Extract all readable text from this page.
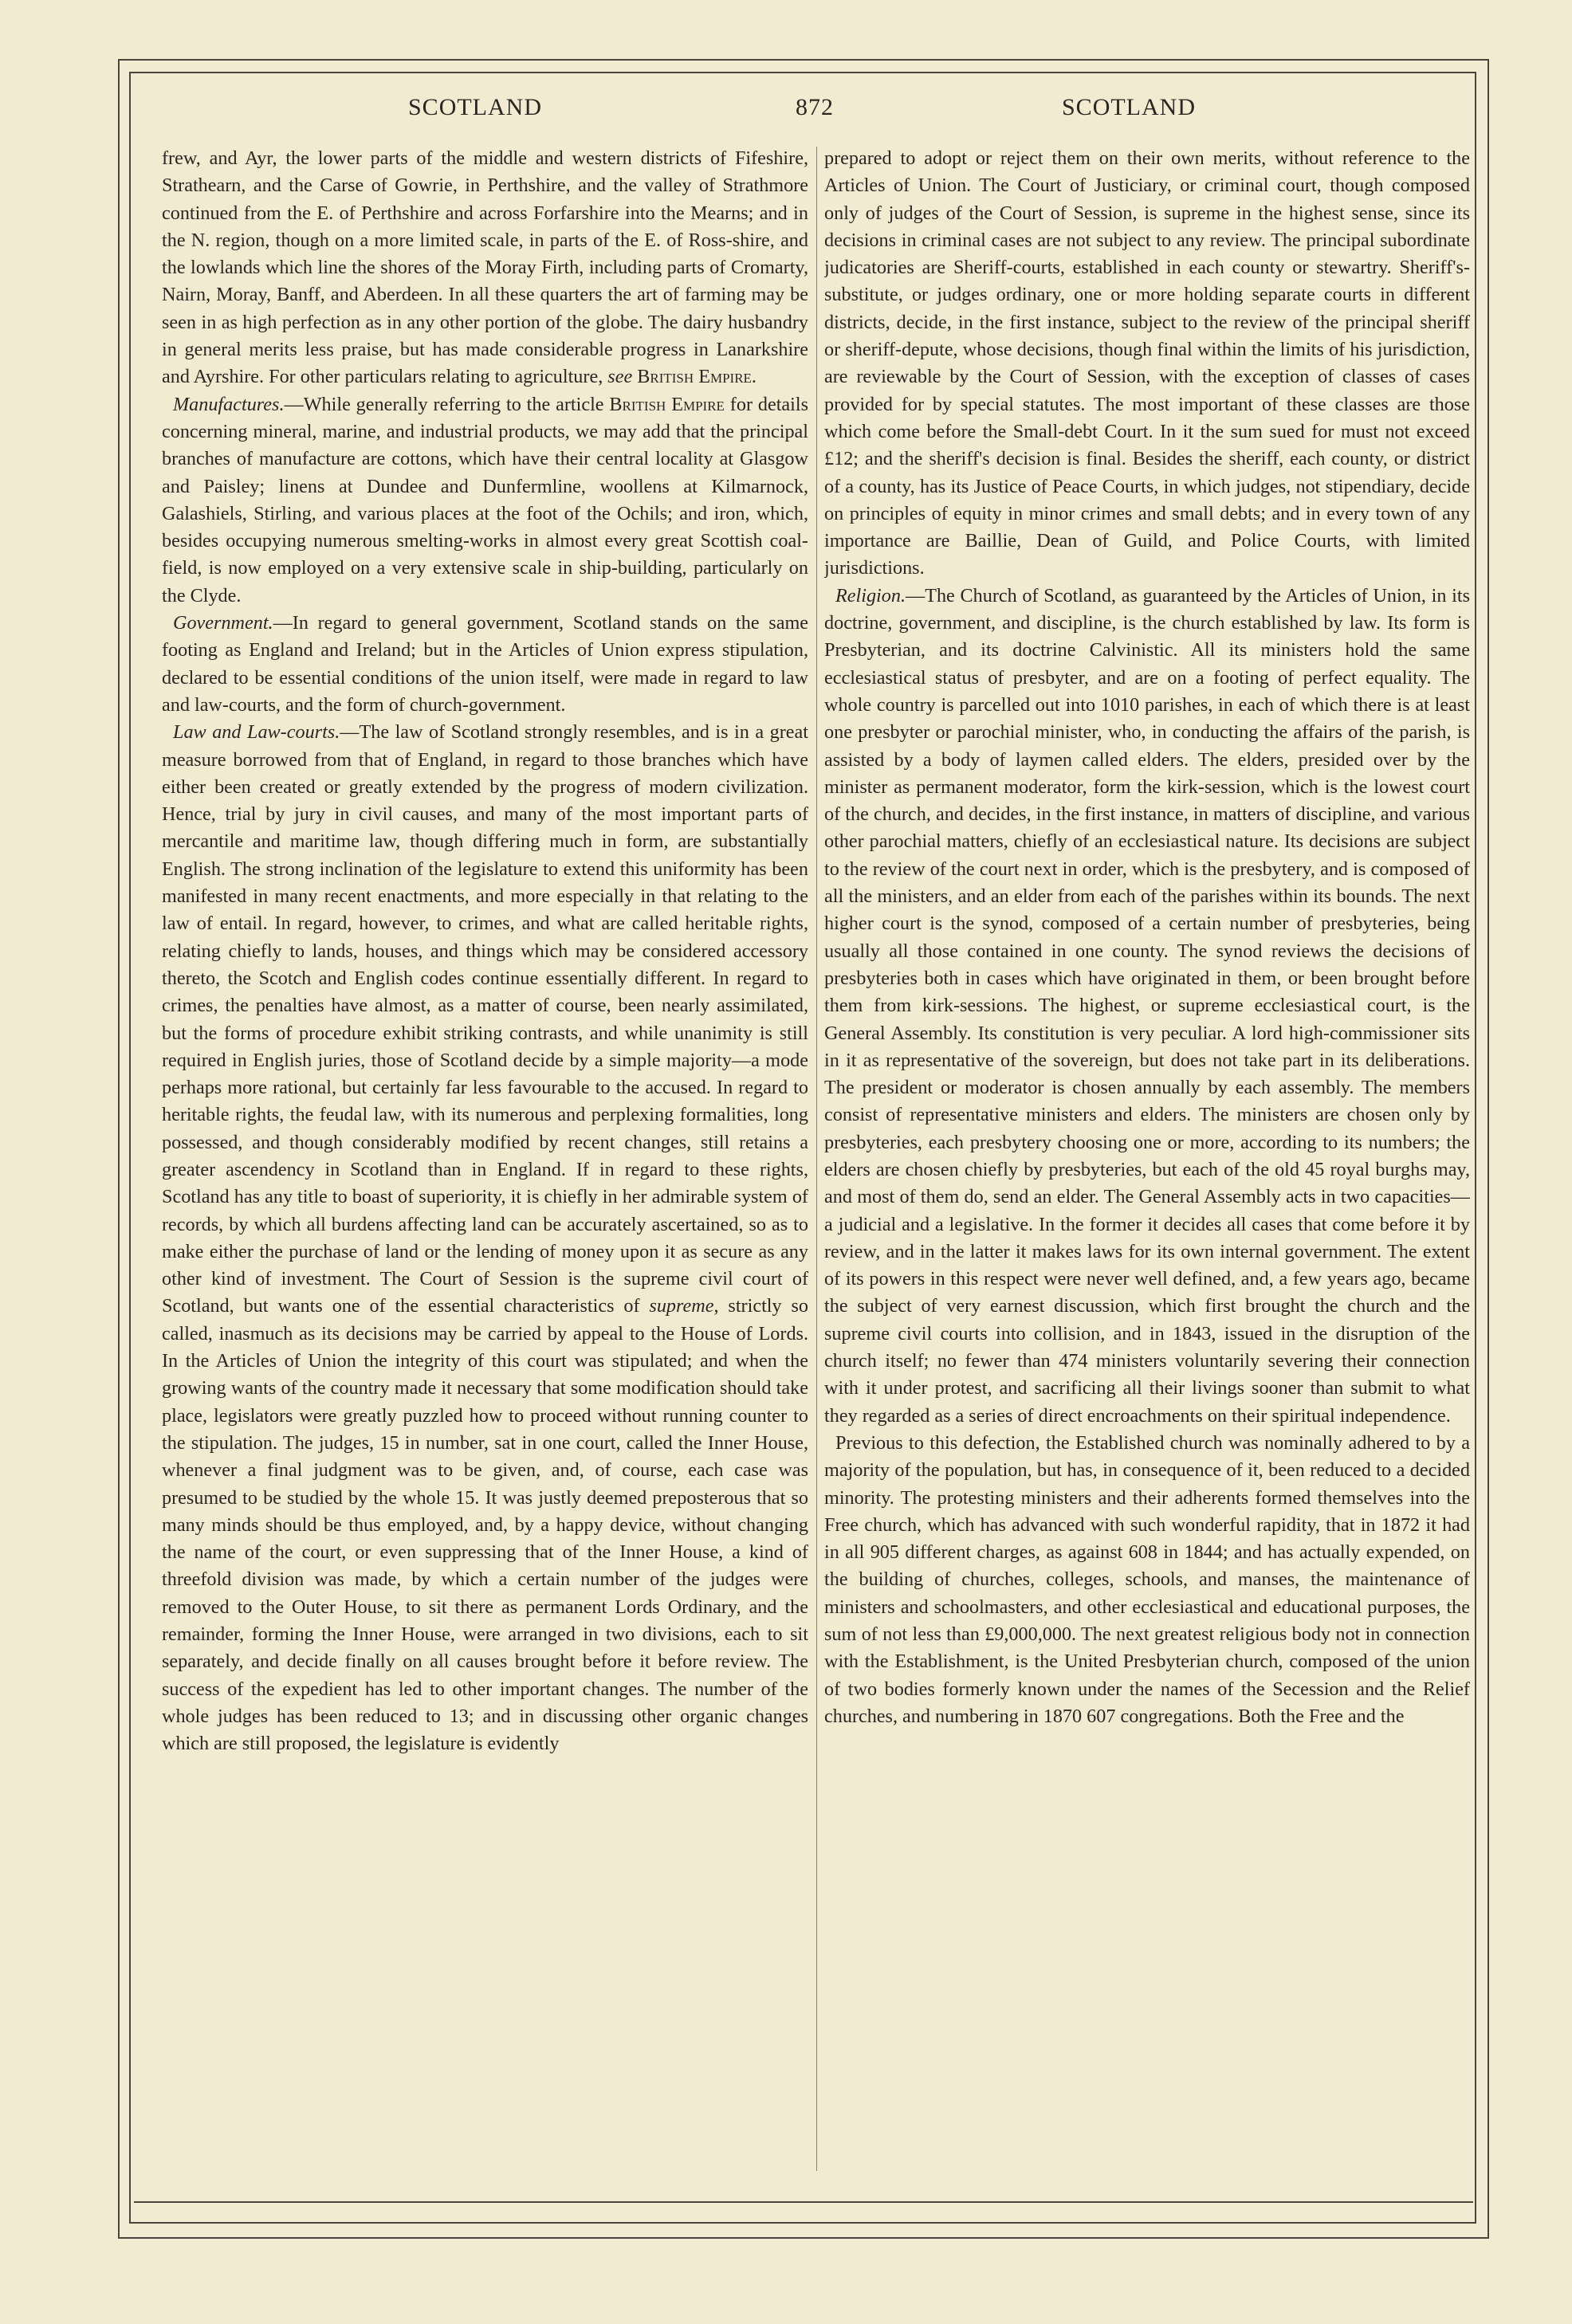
SCOTLAND	872	SCOTLAND

frew, and Ayr, the lower parts of the middle and western districts of Fifeshire, Strathearn, and the Carse of Gowrie, in Perthshire, and the valley of Strathmore continued from the E. of Perthshire and across Forfarshire into the Mearns; and in the N. region, though on a more limited scale, in parts of the E. of Ross-shire, and the lowlands which line the shores of the Moray Firth, including parts of Cromarty, Nairn, Moray, Banff, and Aberdeen. In all these quarters the art of farming may be seen in as high perfection as in any other portion of the globe. The dairy husbandry in general merits less praise, but has made considerable progress in Lanarkshire and Ayrshire. For other particulars relating to agriculture, see British Empire.

Manufactures.—While generally referring to the article British Empire for details concerning mineral, marine, and industrial products, we may add that the principal branches of manufacture are cottons, which have their central locality at Glasgow and Paisley; linens at Dundee and Dunfermline, woollens at Kilmarnock, Galashiels, Stirling, and various places at the foot of the Ochils; and iron, which, besides occupying numerous smelting-works in almost every great Scottish coal-field, is now employed on a very extensive scale in ship-building, particularly on the Clyde.

Government.—In regard to general government, Scotland stands on the same footing as England and Ireland; but in the Articles of Union express stipulation, declared to be essential conditions of the union itself, were made in regard to law and law-courts, and the form of church-government.

Law and Law-courts.—The law of Scotland strongly resembles, and is in a great measure borrowed from that of England, in regard to those branches which have either been created or greatly extended by the progress of modern civilization. Hence, trial by jury in civil causes, and many of the most important parts of mercantile and maritime law, though differing much in form, are substantially English. The strong inclination of the legislature to extend this uniformity has been manifested in many recent enactments, and more especially in that relating to the law of entail. In regard, however, to crimes, and what are called heritable rights, relating chiefly to lands, houses, and things which may be considered accessory thereto, the Scotch and English codes continue essentially different. In regard to crimes, the penalties have almost, as a matter of course, been nearly assimilated, but the forms of procedure exhibit striking contrasts, and while unanimity is still required in English juries, those of Scotland decide by a simple majority—a mode perhaps more rational, but certainly far less favourable to the accused. In regard to heritable rights, the feudal law, with its numerous and perplexing formalities, long possessed, and though considerably modified by recent changes, still retains a greater ascendency in Scotland than in England. If in regard to these rights, Scotland has any title to boast of superiority, it is chiefly in her admirable system of records, by which all burdens affecting land can be accurately ascertained, so as to make either the purchase of land or the lending of money upon it as secure as any other kind of investment. The Court of Session is the supreme civil court of Scotland, but wants one of the essential characteristics of supreme, strictly so called, inasmuch as its decisions may be carried by appeal to the House of Lords. In the Articles of Union the integrity of this court was stipulated; and when the growing wants of the country made it necessary that some modification should take place, legislators were greatly puzzled how to proceed without running counter to the stipulation. The judges, 15 in number, sat in one court, called the Inner House, whenever a final judgment was to be given, and, of course, each case was presumed to be studied by the whole 15. It was justly deemed preposterous that so many minds should be thus employed, and, by a happy device, without changing the name of the court, or even suppressing that of the Inner House, a kind of threefold division was made, by which a certain number of the judges were removed to the Outer House, to sit there as permanent Lords Ordinary, and the remainder, forming the Inner House, were arranged in two divisions, each to sit separately, and decide finally on all causes brought before it before review. The success of the expedient has led to other important changes. The number of the whole judges has been reduced to 13; and in discussing other organic changes which are still proposed, the legislature is evidently

prepared to adopt or reject them on their own merits, without reference to the Articles of Union. The Court of Justiciary, or criminal court, though composed only of judges of the Court of Session, is supreme in the highest sense, since its decisions in criminal cases are not subject to any review. The principal subordinate judicatories are Sheriff-courts, established in each county or stewartry. Sheriff's-substitute, or judges ordinary, one or more holding separate courts in different districts, decide, in the first instance, subject to the review of the principal sheriff or sheriff-depute, whose decisions, though final within the limits of his jurisdiction, are reviewable by the Court of Session, with the exception of classes of cases provided for by special statutes. The most important of these classes are those which come before the Small-debt Court. In it the sum sued for must not exceed £12; and the sheriff's decision is final. Besides the sheriff, each county, or district of a county, has its Justice of Peace Courts, in which judges, not stipendiary, decide on principles of equity in minor crimes and small debts; and in every town of any importance are Baillie, Dean of Guild, and Police Courts, with limited jurisdictions.

Religion.—The Church of Scotland, as guaranteed by the Articles of Union, in its doctrine, government, and discipline, is the church established by law. Its form is Presbyterian, and its doctrine Calvinistic. All its ministers hold the same ecclesiastical status of presbyter, and are on a footing of perfect equality. The whole country is parcelled out into 1010 parishes, in each of which there is at least one presbyter or parochial minister, who, in conducting the affairs of the parish, is assisted by a body of laymen called elders. The elders, presided over by the minister as permanent moderator, form the kirk-session, which is the lowest court of the church, and decides, in the first instance, in matters of discipline, and various other parochial matters, chiefly of an ecclesiastical nature. Its decisions are subject to the review of the court next in order, which is the presbytery, and is composed of all the ministers, and an elder from each of the parishes within its bounds. The next higher court is the synod, composed of a certain number of presbyteries, being usually all those contained in one county. The synod reviews the decisions of presbyteries both in cases which have originated in them, or been brought before them from kirk-sessions. The highest, or supreme ecclesiastical court, is the General Assembly. Its constitution is very peculiar. A lord high-commissioner sits in it as representative of the sovereign, but does not take part in its deliberations. The president or moderator is chosen annually by each assembly. The members consist of representative ministers and elders. The ministers are chosen only by presbyteries, each presbytery choosing one or more, according to its numbers; the elders are chosen chiefly by presbyteries, but each of the old 45 royal burghs may, and most of them do, send an elder. The General Assembly acts in two capacities—a judicial and a legislative. In the former it decides all cases that come before it by review, and in the latter it makes laws for its own internal government. The extent of its powers in this respect were never well defined, and, a few years ago, became the subject of very earnest discussion, which first brought the church and the supreme civil courts into collision, and in 1843, issued in the disruption of the church itself; no fewer than 474 ministers voluntarily severing their connection with it under protest, and sacrificing all their livings sooner than submit to what they regarded as a series of direct encroachments on their spiritual independence.

Previous to this defection, the Established church was nominally adhered to by a majority of the population, but has, in consequence of it, been reduced to a decided minority. The protesting ministers and their adherents formed themselves into the Free church, which has advanced with such wonderful rapidity, that in 1872 it had in all 905 different charges, as against 608 in 1844; and has actually expended, on the building of churches, colleges, schools, and manses, the maintenance of ministers and schoolmasters, and other ecclesiastical and educational purposes, the sum of not less than £9,000,000. The next greatest religious body not in connection with the Establishment, is the United Presbyterian church, composed of the union of two bodies formerly known under the names of the Secession and the Relief churches, and numbering in 1870 607 congregations. Both the Free and the
